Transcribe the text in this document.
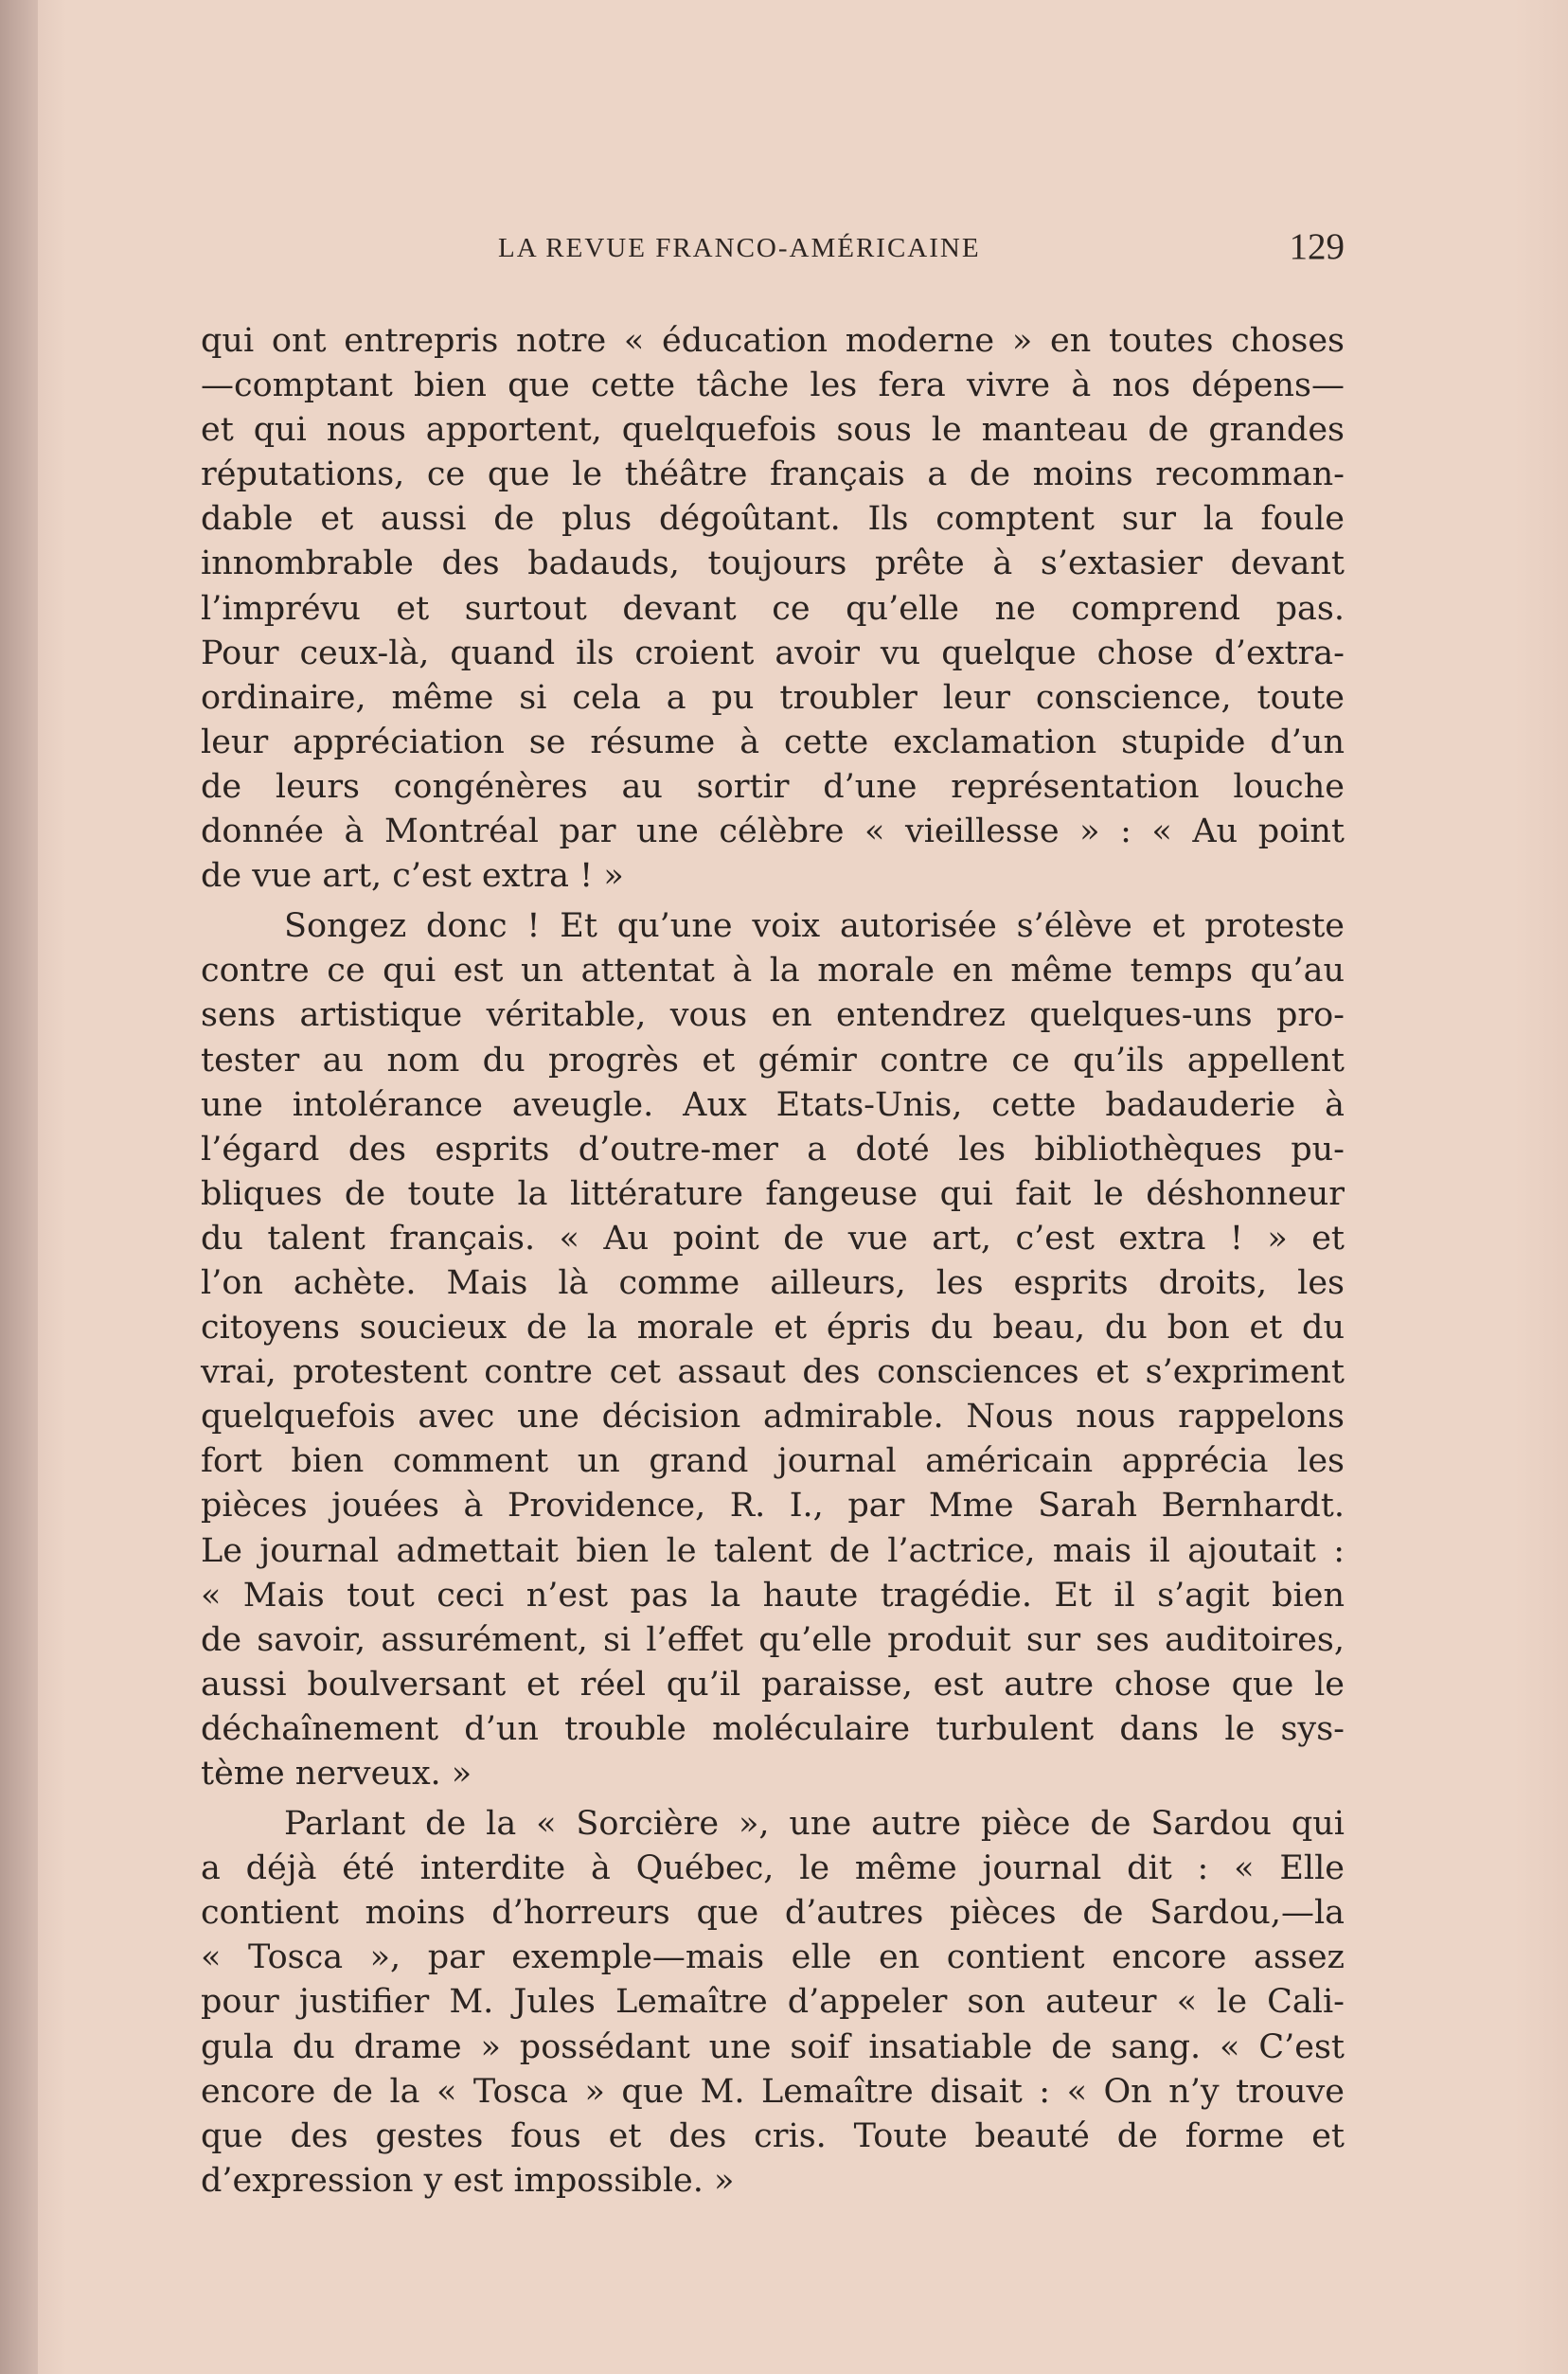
LA REVUE FRANCO-AMÉRICAINE	129
qui ont entrepris notre « éducation moderne » en toutes choses
—comptant bien que cette tâche les fera vivre à nos dépens—
et qui nous apportent, quelquefois sous le manteau de grandes
réputations, ce que le théâtre français a de moins recomman-
dable et aussi de plus dégoûtant. Ils comptent sur la foule
innombrable des badauds, toujours prête à s’extasier devant
l’imprévu et surtout devant ce qu’elle ne comprend pas.
Pour ceux-là, quand ils croient avoir vu quelque chose d’extra-
ordinaire, même si cela a pu troubler leur conscience, toute
leur appréciation se résume à cette exclamation stupide d’un
de leurs congénères au sortir d’une représentation louche
donnée à Montréal par une célèbre « vieillesse » : « Au point
de vue art, c’est extra ! »
Songez donc ! Et qu’une voix autorisée s’élève et proteste
contre ce qui est un attentat à la morale en même temps qu’au
sens artistique véritable, vous en entendrez quelques-uns pro-
tester au nom du progrès et gémir contre ce qu’ils appellent
une intolérance aveugle. Aux Etats-Unis, cette badauderie à
l’égard des esprits d’outre-mer a doté les bibliothèques pu-
bliques de toute la littérature fangeuse qui fait le déshonneur
du talent français. « Au point de vue art, c’est extra ! » et
l’on achète. Mais là comme ailleurs, les esprits droits, les
citoyens soucieux de la morale et épris du beau, du bon et du
vrai, protestent contre cet assaut des consciences et s’expriment
quelquefois avec une décision admirable. Nous nous rappelons
fort bien comment un grand journal américain apprécia les
pièces jouées à Providence, R. I., par Mme Sarah Bernhardt.
Le journal admettait bien le talent de l’actrice, mais il ajoutait :
« Mais tout ceci n’est pas la haute tragédie. Et il s’agit bien
de savoir, assurément, si l’effet qu’elle produit sur ses auditoires,
aussi boulversant et réel qu’il paraisse, est autre chose que le
déchaînement d’un trouble moléculaire turbulent dans le sys-
tème nerveux. »
Parlant de la « Sorcière », une autre pièce de Sardou qui
a déjà été interdite à Québec, le même journal dit : « Elle
contient moins d’horreurs que d’autres pièces de Sardou,—la
« Tosca », par exemple—mais elle en contient encore assez
pour justifier M. Jules Lemaître d’appeler son auteur « le Cali-
gula du drame » possédant une soif insatiable de sang. « C’est
encore de la « Tosca » que M. Lemaître disait : « On n’y trouve
que des gestes fous et des cris. Toute beauté de forme et
d’expression y est impossible. »
